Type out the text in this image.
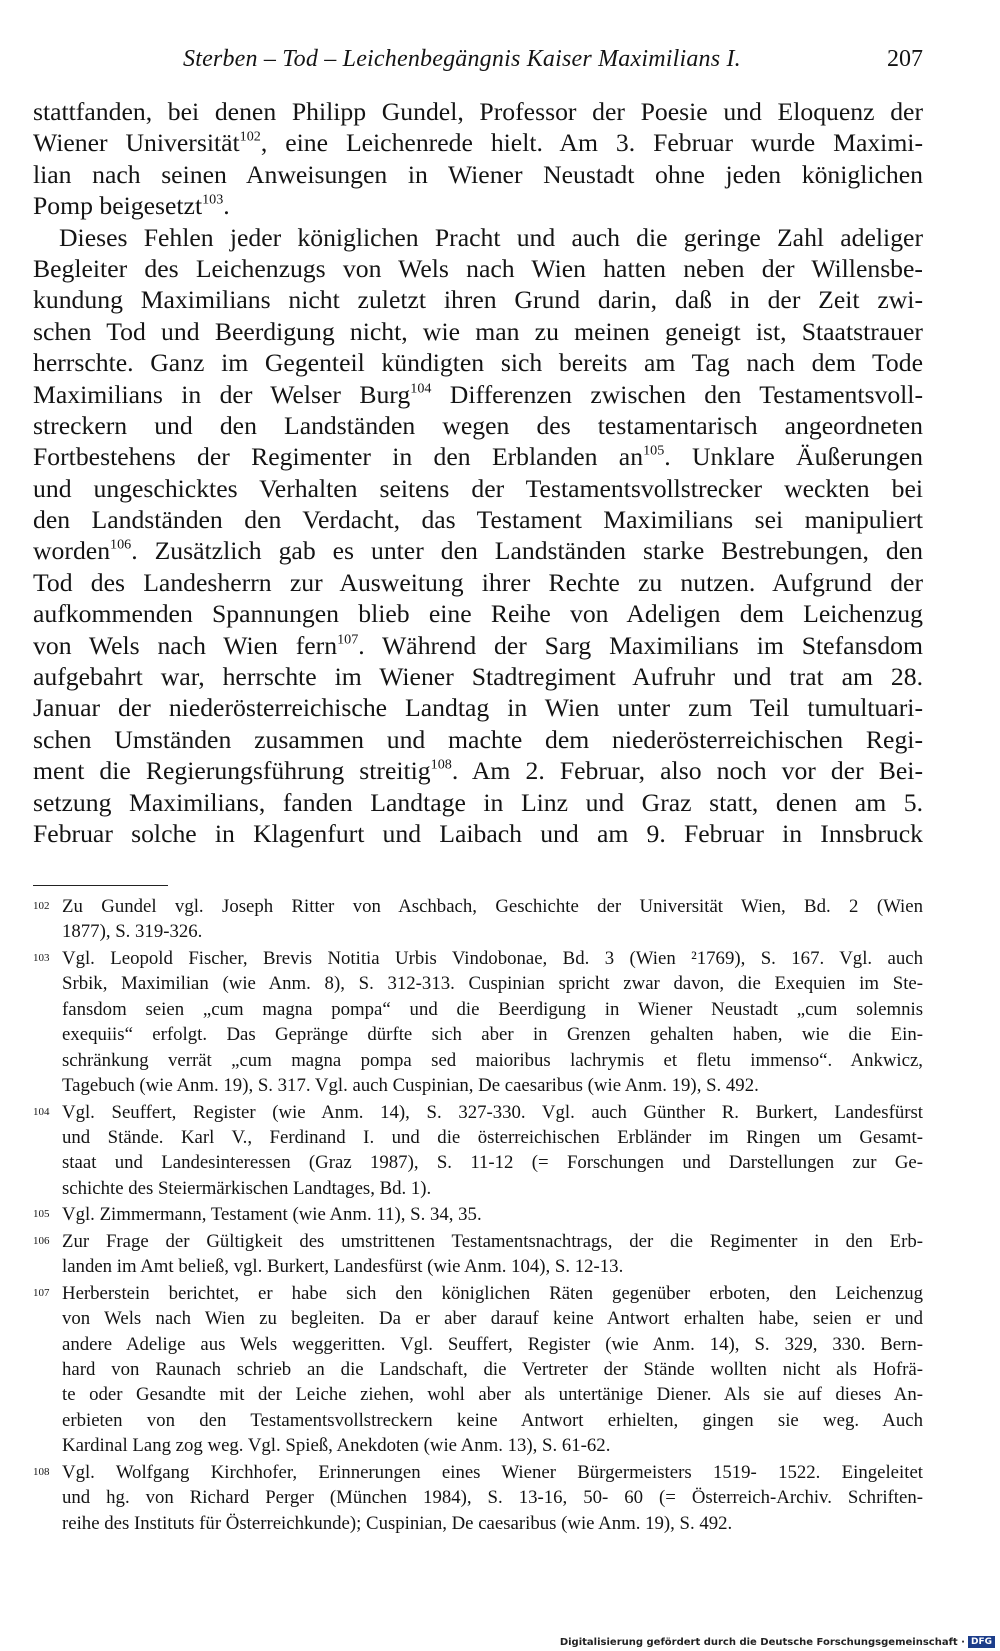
Sterben – Tod – Leichenbegängnis Kaiser Maximilians I.	207
stattfanden, bei denen Philipp Gundel, Professor der Poesie und Eloquenz der
Wiener Universität$^{102}$, eine Leichenrede hielt. Am 3. Februar wurde Maximi-
lian nach seinen Anweisungen in Wiener Neustadt ohne jeden königlichen
Pomp beigesetzt$^{103}$.
Dieses Fehlen jeder königlichen Pracht und auch die geringe Zahl adeliger
Begleiter des Leichenzugs von Wels nach Wien hatten neben der Willensbe-
kundung Maximilians nicht zuletzt ihren Grund darin, daß in der Zeit zwi-
schen Tod und Beerdigung nicht, wie man zu meinen geneigt ist, Staatstrauer
herrschte. Ganz im Gegenteil kündigten sich bereits am Tag nach dem Tode
Maximilians in der Welser Burg$^{104}$ Differenzen zwischen den Testamentsvoll-
streckern und den Landständen wegen des testamentarisch angeordneten
Fortbestehens der Regimenter in den Erblanden $an^{105}$. Unklare Äußerungen
und ungeschicktes Verhalten seitens der Testamentsvollstrecker weckten bei
den Landständen den Verdacht, das Testament Maximilians sei manipuliert
worden$^{106}$. Zusätzlich gab es unter den Landständen starke Bestrebungen, den
Tod des Landesherrn zur Ausweitung ihrer Rechte zu nutzen. Aufgrund der
aufkommenden Spannungen blieb eine Reihe von Adeligen dem Leichenzug
von Wels nach Wien fern$^{107}$. Während der Sarg Maximilians im Stefansdom
aufgebahrt war, herrschte im Wiener Stadtregiment Aufruhr und trat am 28.
Januar der niederösterreichische Landtag in Wien unter zum Teil tumultuari-
schen Umständen zusammen und machte dem niederösterreichischen Regi-
ment die Regierungsführung streitig$^{108}$. Am 2. Februar, also noch vor der Bei-
setzung Maximilians, fanden Landtage in Linz und Graz statt, denen am 5.
Februar solche in Klagenfurt und Laibach und am 9. Februar in Innsbruck
102 Zu Gundel vgl. Joseph Ritter von Aschbach, Geschichte der Universität Wien, Bd. 2 (Wien
1877), S. 319-326.
103 Vgl. Leopold Fischer, Brevis Notitia Urbis Vindobonae, Bd. 3 (Wien ²1769), S. 167. Vgl. auch
Srbik, Maximilian (wie Anm. 8), S. 312-313. Cuspinian spricht zwar davon, die Exequien im Ste-
fansdom seien „cum magna pompa“ und die Beerdigung in Wiener Neustadt „cum solemnis
exequiis“ erfolgt. Das Gepränge dürfte sich aber in Grenzen gehalten haben, wie die Ein-
schränkung verrät „cum magna pompa sed maioribus lachrymis et fletu immenso“. Ankwicz,
Tagebuch (wie Anm. 19), S. 317. Vgl. auch Cuspinian, De caesaribus (wie Anm. 19), S. 492.
104 Vgl. Seuffert, Register (wie Anm. 14), S. 327-330. Vgl. auch Günther R. Burkert, Landesfürst
und Stände. Karl V., Ferdinand I. und die österreichischen Erbländer im Ringen um Gesamt-
staat und Landesinteressen (Graz 1987), S. 11-12 (= Forschungen und Darstellungen zur Ge-
schichte des Steiermärkischen Landtages, Bd. 1).
105 Vgl. Zimmermann, Testament (wie Anm. 11), S. 34, 35.
106 Zur Frage der Gültigkeit des umstrittenen Testamentsnachtrags, der die Regimenter in den Erb-
landen im Amt beließ, vgl. Burkert, Landesfürst (wie Anm. 104), S. 12-13.
107 Herberstein berichtet, er habe sich den königlichen Räten gegenüber erboten, den Leichenzug
von Wels nach Wien zu begleiten. Da er aber darauf keine Antwort erhalten habe, seien er und
andere Adelige aus Wels weggeritten. Vgl. Seuffert, Register (wie Anm. 14), S. 329, 330. Bern-
hard von Raunach schrieb an die Landschaft, die Vertreter der Stände wollten nicht als Hofrä-
te oder Gesandte mit der Leiche ziehen, wohl aber als untertänige Diener. Als sie auf dieses An-
erbieten von den Testamentsvollstreckern keine Antwort erhielten, gingen sie weg. Auch
Kardinal Lang zog weg. Vgl. Spieß, Anekdoten (wie Anm. 13), S. 61-62.
108 Vgl. Wolfgang Kirchhofer, Erinnerungen eines Wiener Bürgermeisters 1519- 1522. Eingeleitet
und hg. von Richard Perger (München 1984), S. 13-16, 50- 60 (= Österreich-Archiv. Schriften-
reihe des Instituts für Österreichkunde); Cuspinian, De caesaribus (wie Anm. 19), S. 492.
Digitalisierung gefördert durch die Deutsche Forschungsgemeinschaft · DFG
